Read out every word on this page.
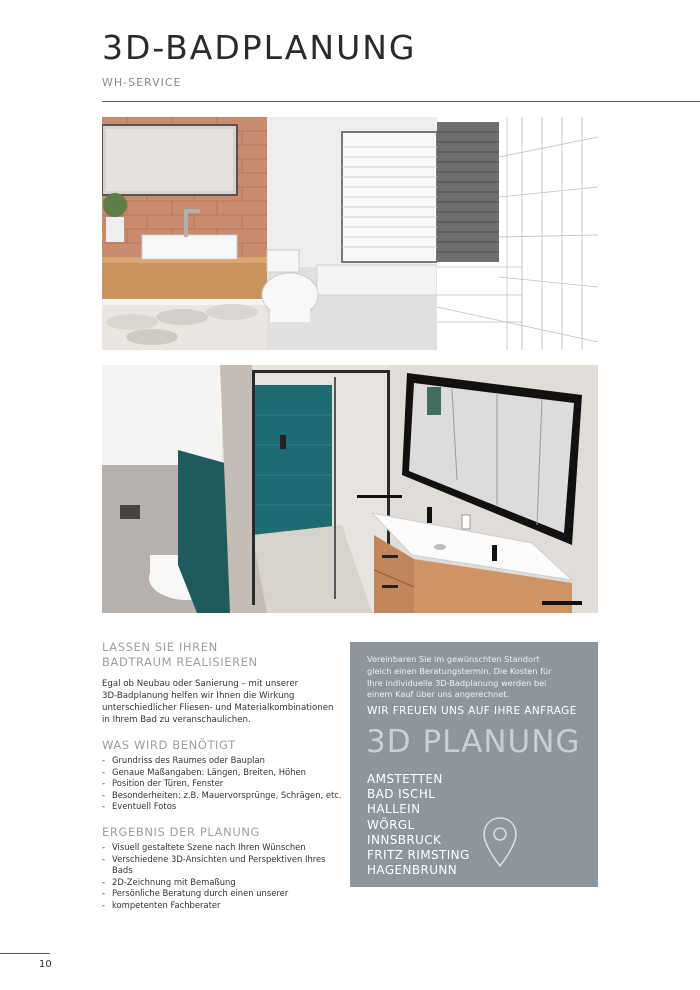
3D-BADPLANUNG
WH-SERVICE
LASSEN SIE IHREN
BADTRAUM REALISIEREN

Egal ob Neubau oder Sanierung – mit unserer
3D-Badplanung helfen wir Ihnen die Wirkung
unterschiedlicher Fliesen- und Materialkombinationen
in Ihrem Bad zu veranschaulichen.

WAS WIRD BENÖTIGT
- Grundriss des Raumes oder Bauplan
- Genaue Maßangaben: Längen, Breiten, Höhen
- Position der Türen, Fenster
- Besonderheiten: z.B. Mauervorsprünge, Schrägen, etc.
- Eventuell Fotos
ERGEBNIS DER PLANUNG
- Visuell gestaltete Szene nach Ihren Wünschen
- Verschiedene 3D-Ansichten und Perspektiven Ihres Bads
- 2D-Zeichnung mit Bemaßung
- Persönliche Beratung durch einen unserer
- kompetenten Fachberater
Vereinbaren Sie im gewünschten Standort
gleich einen Beratungstermin. Die Kosten für
Ihre individuelle 3D-Badplanung werden bei
einem Kauf über uns angerechnet.
WIR FREUEN UNS AUF IHRE ANFRAGE
3D PLANUNG
AMSTETTEN
BAD ISCHL
HALLEIN
WÖRGL
INNSBRUCK
FRITZ RIMSTING
HAGENBRUNN
10
